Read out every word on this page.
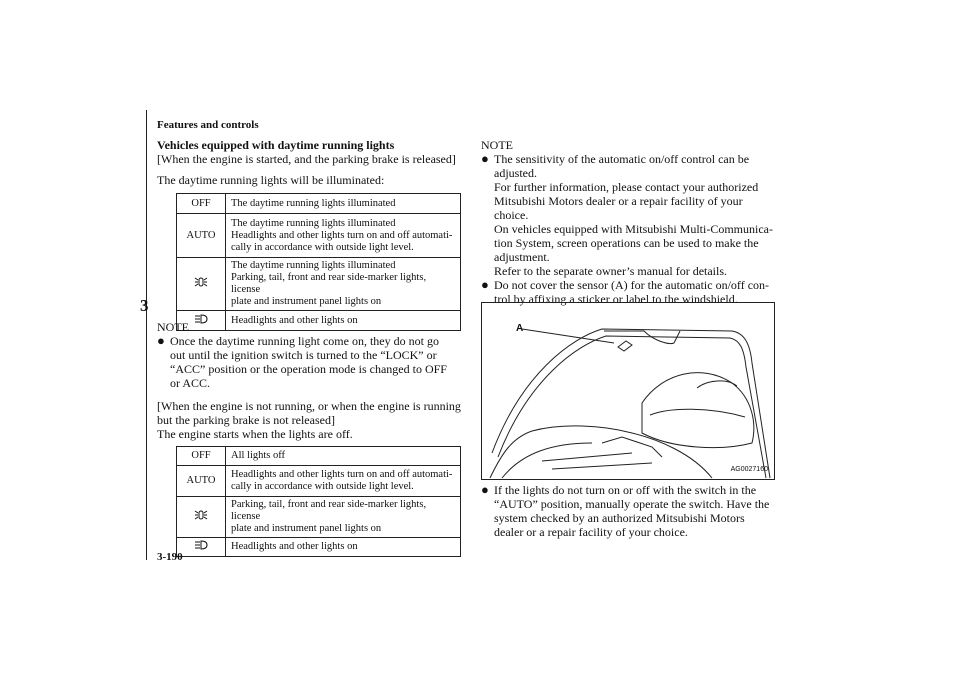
Features and controls
3
Vehicles equipped with daytime running lights
[When the engine is started, and the parking brake is released]
The daytime running lights will be illuminated:
OFF	The daytime running lights illuminated

AUTO	The daytime running lights illuminated
Headlights and other lights turn on and off automati-
cally in accordance with outside light level.

The daytime running lights illuminated
Parking, tail, front and rear side-marker lights, license
plate and instrument panel lights on

Headlights and other lights on
NOTE
● Once the daytime running light come on, they do not go
out until the ignition switch is turned to the “LOCK” or
“ACC” position or the operation mode is changed to OFF
or ACC.
[When the engine is not running, or when the engine is running
but the parking brake is not released]
The engine starts when the lights are off.
OFF	All lights off

AUTO	Headlights and other lights turn on and off automati-
cally in accordance with outside light level.

Parking, tail, front and rear side-marker lights, license
plate and instrument panel lights on

Headlights and other lights on
NOTE
● The sensitivity of the automatic on/off control can be
adjusted.
For further information, please contact your authorized
Mitsubishi Motors dealer or a repair facility of your
choice.
On vehicles equipped with Mitsubishi Multi-Communica-
tion System, screen operations can be used to make the
adjustment.
Refer to the separate owner’s manual for details.
● Do not cover the sensor (A) for the automatic on/off con-
trol by affixing a sticker or label to the windshield.
A
AG0027160
● If the lights do not turn on or off with the switch in the
“AUTO” position, manually operate the switch. Have the
system checked by an authorized Mitsubishi Motors
dealer or a repair facility of your choice.
3-190
